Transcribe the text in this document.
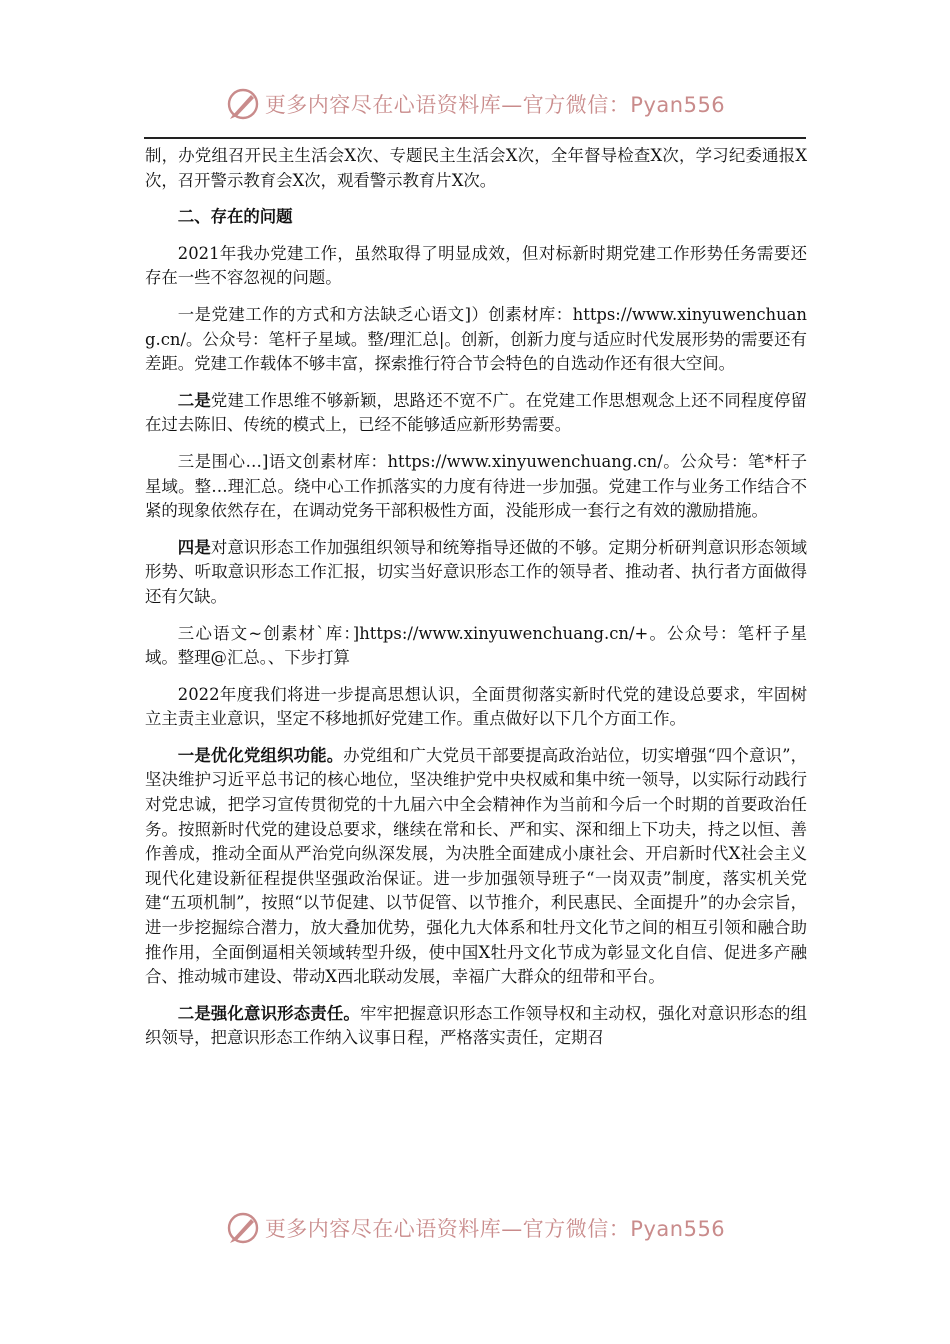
更多内容尽在心语资料库—官方微信：Pyan556

制，办党组召开民主生活会X次、专题民主生活会X次，全年督导检查X次，学习纪委通报X次，召开警示教育会X次，观看警示教育片X次。

二、存在的问题

2021年我办党建工作，虽然取得了明显成效，但对标新时期党建工作形势任务需要还存在一些不容忽视的问题。

一是党建工作的方式和方法缺乏心语文]）创素材库：https://www.xinyuwenchuang.cn/。公众号：笔杆子星域。整/理汇总|。创新，创新力度与适应时代发展形势的需要还有差距。党建工作载体不够丰富，探索推行符合节会特色的自选动作还有很大空间。

二是党建工作思维不够新颖，思路还不宽不广。在党建工作思想观念上还不同程度停留在过去陈旧、传统的模式上，已经不能够适应新形势需要。

三是围心…]语文创素材库：https://www.xinyuwenchuang.cn/。公众号：笔*杆子星域。整…理汇总。绕中心工作抓落实的力度有待进一步加强。党建工作与业务工作结合不紧的现象依然存在，在调动党务干部积极性方面，没能形成一套行之有效的激励措施。

四是对意识形态工作加强组织领导和统筹指导还做的不够。定期分析研判意识形态领域形势、听取意识形态工作汇报，切实当好意识形态工作的领导者、推动者、执行者方面做得还有欠缺。

三心语文~创素材`库：]https://www.xinyuwenchuang.cn/+。公众号：笔杆子星域。整理@汇总。、下步打算

2022年度我们将进一步提高思想认识，全面贯彻落实新时代党的建设总要求，牢固树立主责主业意识，坚定不移地抓好党建工作。重点做好以下几个方面工作。

一是优化党组织功能。办党组和广大党员干部要提高政治站位，切实增强“四个意识”，坚决维护习近平总书记的核心地位，坚决维护党中央权威和集中统一领导，以实际行动践行对党忠诚，把学习宣传贯彻党的十九届六中全会精神作为当前和今后一个时期的首要政治任务。按照新时代党的建设总要求，继续在常和长、严和实、深和细上下功夫，持之以恒、善作善成，推动全面从严治党向纵深发展，为决胜全面建成小康社会、开启新时代X社会主义现代化建设新征程提供坚强政治保证。进一步加强领导班子“一岗双责”制度，落实机关党建“五项机制”，按照“以节促建、以节促管、以节推介，利民惠民、全面提升”的办会宗旨，进一步挖掘综合潜力，放大叠加优势，强化九大体系和牡丹文化节之间的相互引领和融合助推作用，全面倒逼相关领域转型升级，使中国X牡丹文化节成为彰显文化自信、促进多产融合、推动城市建设、带动X西北联动发展，幸福广大群众的纽带和平台。

二是强化意识形态责任。牢牢把握意识形态工作领导权和主动权，强化对意识形态的组织领导，把意识形态工作纳入议事日程，严格落实责任，定期召

更多内容尽在心语资料库—官方微信：Pyan556
